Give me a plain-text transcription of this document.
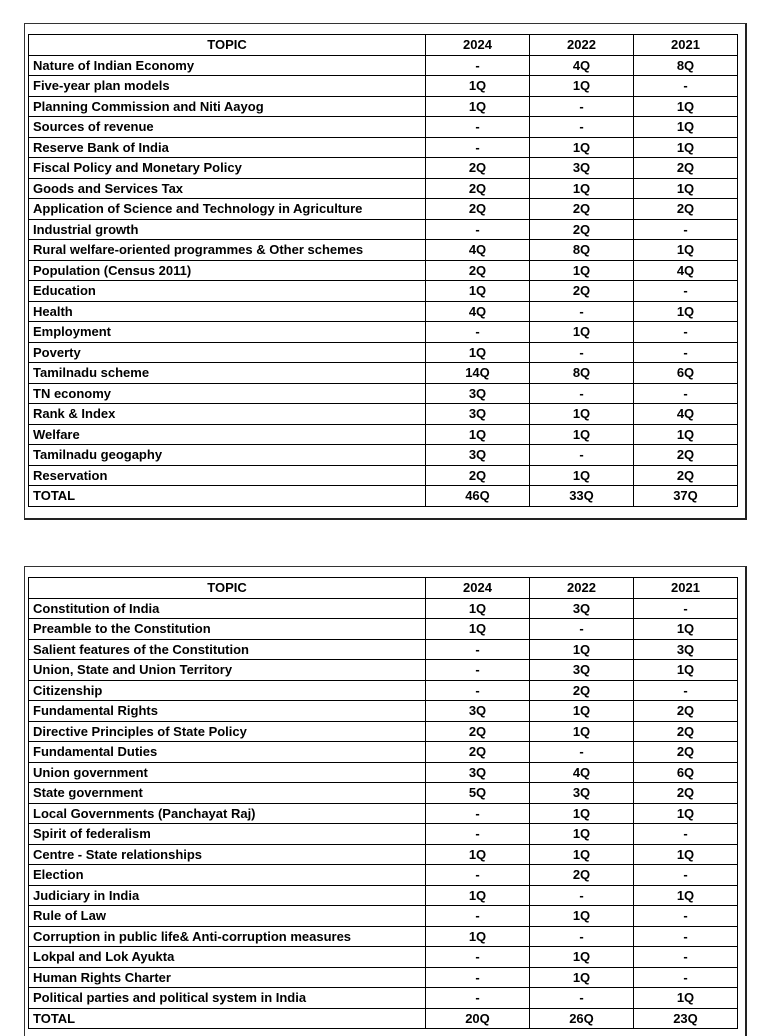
TOPIC	2024	2022	2021
Nature of Indian Economy	-	4Q	8Q
Five-year plan models	1Q	1Q	-
Planning Commission and Niti Aayog	1Q	-	1Q
Sources of revenue	-	-	1Q
Reserve Bank of India	-	1Q	1Q
Fiscal Policy and Monetary Policy	2Q	3Q	2Q
Goods and Services Tax	2Q	1Q	1Q
Application of Science and Technology in Agriculture	2Q	2Q	2Q
Industrial growth	-	2Q	-
Rural welfare-oriented programmes & Other schemes	4Q	8Q	1Q
Population (Census 2011)	2Q	1Q	4Q
Education	1Q	2Q	-
Health	4Q	-	1Q
Employment	-	1Q	-
Poverty	1Q	-	-
Tamilnadu scheme	14Q	8Q	6Q
TN economy	3Q	-	-
Rank & Index	3Q	1Q	4Q
Welfare	1Q	1Q	1Q
Tamilnadu geogaphy	3Q	-	2Q
Reservation	2Q	1Q	2Q
TOTAL	46Q	33Q	37Q
TOPIC	2024	2022	2021
Constitution of India	1Q	3Q	-
Preamble to the Constitution	1Q	-	1Q
Salient features of the Constitution	-	1Q	3Q
Union, State and Union Territory	-	3Q	1Q
Citizenship	-	2Q	-
Fundamental Rights	3Q	1Q	2Q
Directive Principles of State Policy	2Q	1Q	2Q
Fundamental Duties	2Q	-	2Q
Union government	3Q	4Q	6Q
State government	5Q	3Q	2Q
Local Governments (Panchayat Raj)	-	1Q	1Q
Spirit of federalism	-	1Q	-
Centre - State relationships	1Q	1Q	1Q
Election	-	2Q	-
Judiciary in India	1Q	-	1Q
Rule of Law	-	1Q	-
Corruption in public life& Anti-corruption measures	1Q	-	-
Lokpal and Lok Ayukta	-	1Q	-
Human Rights Charter	-	1Q	-
Political parties and political system in India	-	-	1Q
TOTAL	20Q	26Q	23Q
